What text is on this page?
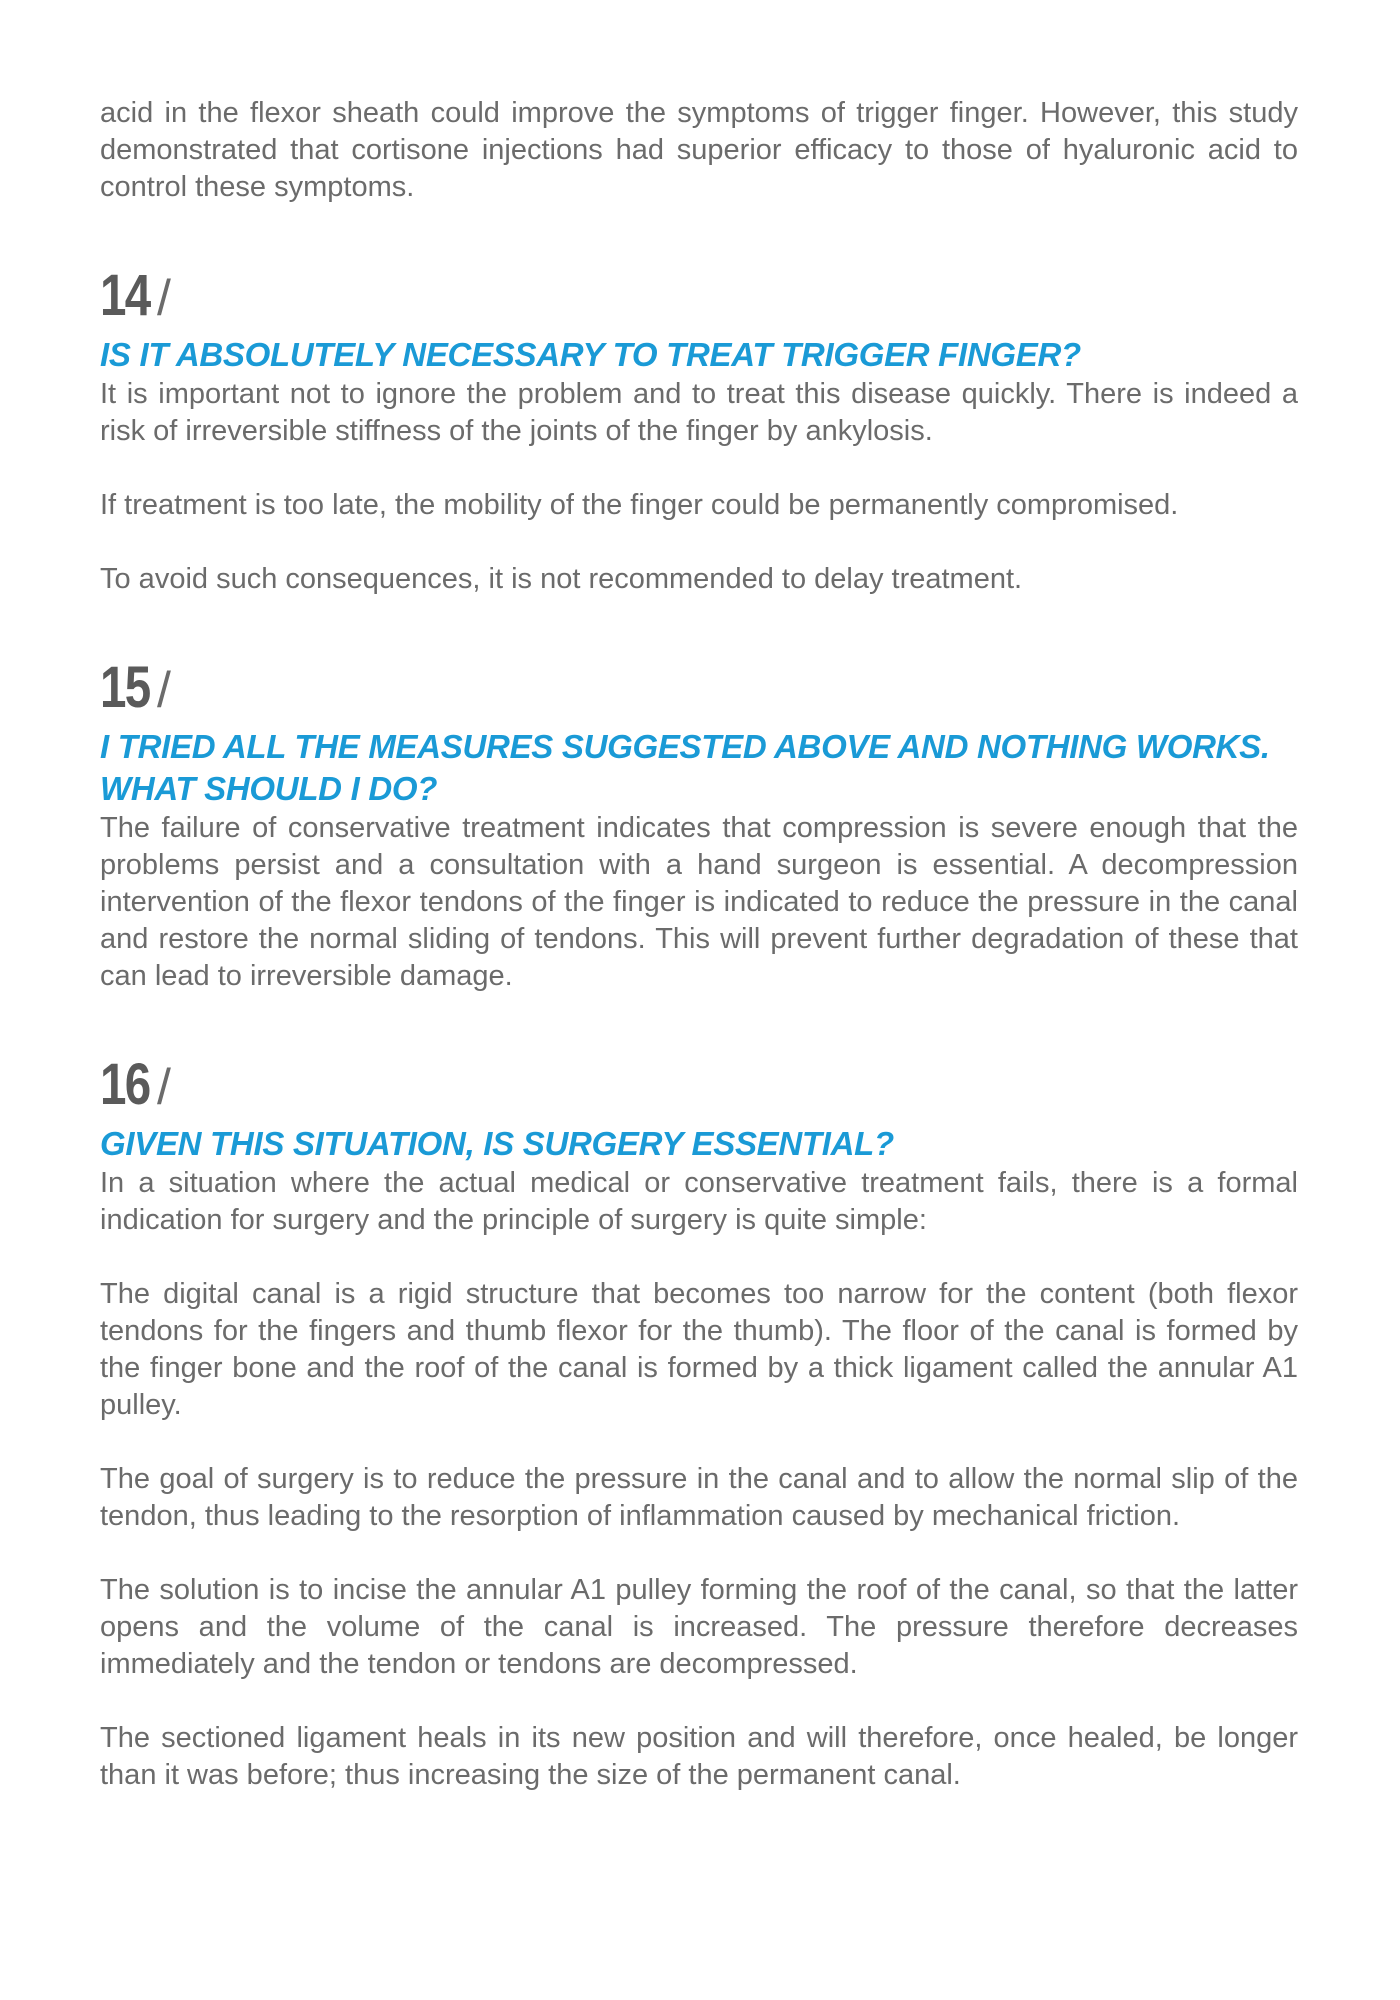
acid in the flexor sheath could improve the symptoms of trigger finger. However, this study demonstrated that cortisone injections had superior efficacy to those of hyaluronic acid to control these symptoms.

14 /
IS IT ABSOLUTELY NECESSARY TO TREAT TRIGGER FINGER?

It is important not to ignore the problem and to treat this disease quickly. There is indeed a risk of irreversible stiffness of the joints of the finger by ankylosis.

If treatment is too late, the mobility of the finger could be permanently compromised.

To avoid such consequences, it is not recommended to delay treatment.

15 /
I TRIED ALL THE MEASURES SUGGESTED ABOVE AND NOTHING WORKS. WHAT SHOULD I DO?

The failure of conservative treatment indicates that compression is severe enough that the problems persist and a consultation with a hand surgeon is essential. A decompression intervention of the flexor tendons of the finger is indicated to reduce the pressure in the canal and restore the normal sliding of tendons. This will prevent further degradation of these that can lead to irreversible damage.

16 /
GIVEN THIS SITUATION, IS SURGERY ESSENTIAL?

In a situation where the actual medical or conservative treatment fails, there is a formal indication for surgery and the principle of surgery is quite simple:

The digital canal is a rigid structure that becomes too narrow for the content (both flexor tendons for the fingers and thumb flexor for the thumb). The floor of the canal is formed by the finger bone and the roof of the canal is formed by a thick ligament called the annular A1 pulley.

The goal of surgery is to reduce the pressure in the canal and to allow the normal slip of the tendon, thus leading to the resorption of inflammation caused by mechanical friction.

The solution is to incise the annular A1 pulley forming the roof of the canal, so that the latter opens and the volume of the canal is increased. The pressure therefore decreases immediately and the tendon or tendons are decompressed.

The sectioned ligament heals in its new position and will therefore, once healed, be longer than it was before; thus increasing the size of the permanent canal.
